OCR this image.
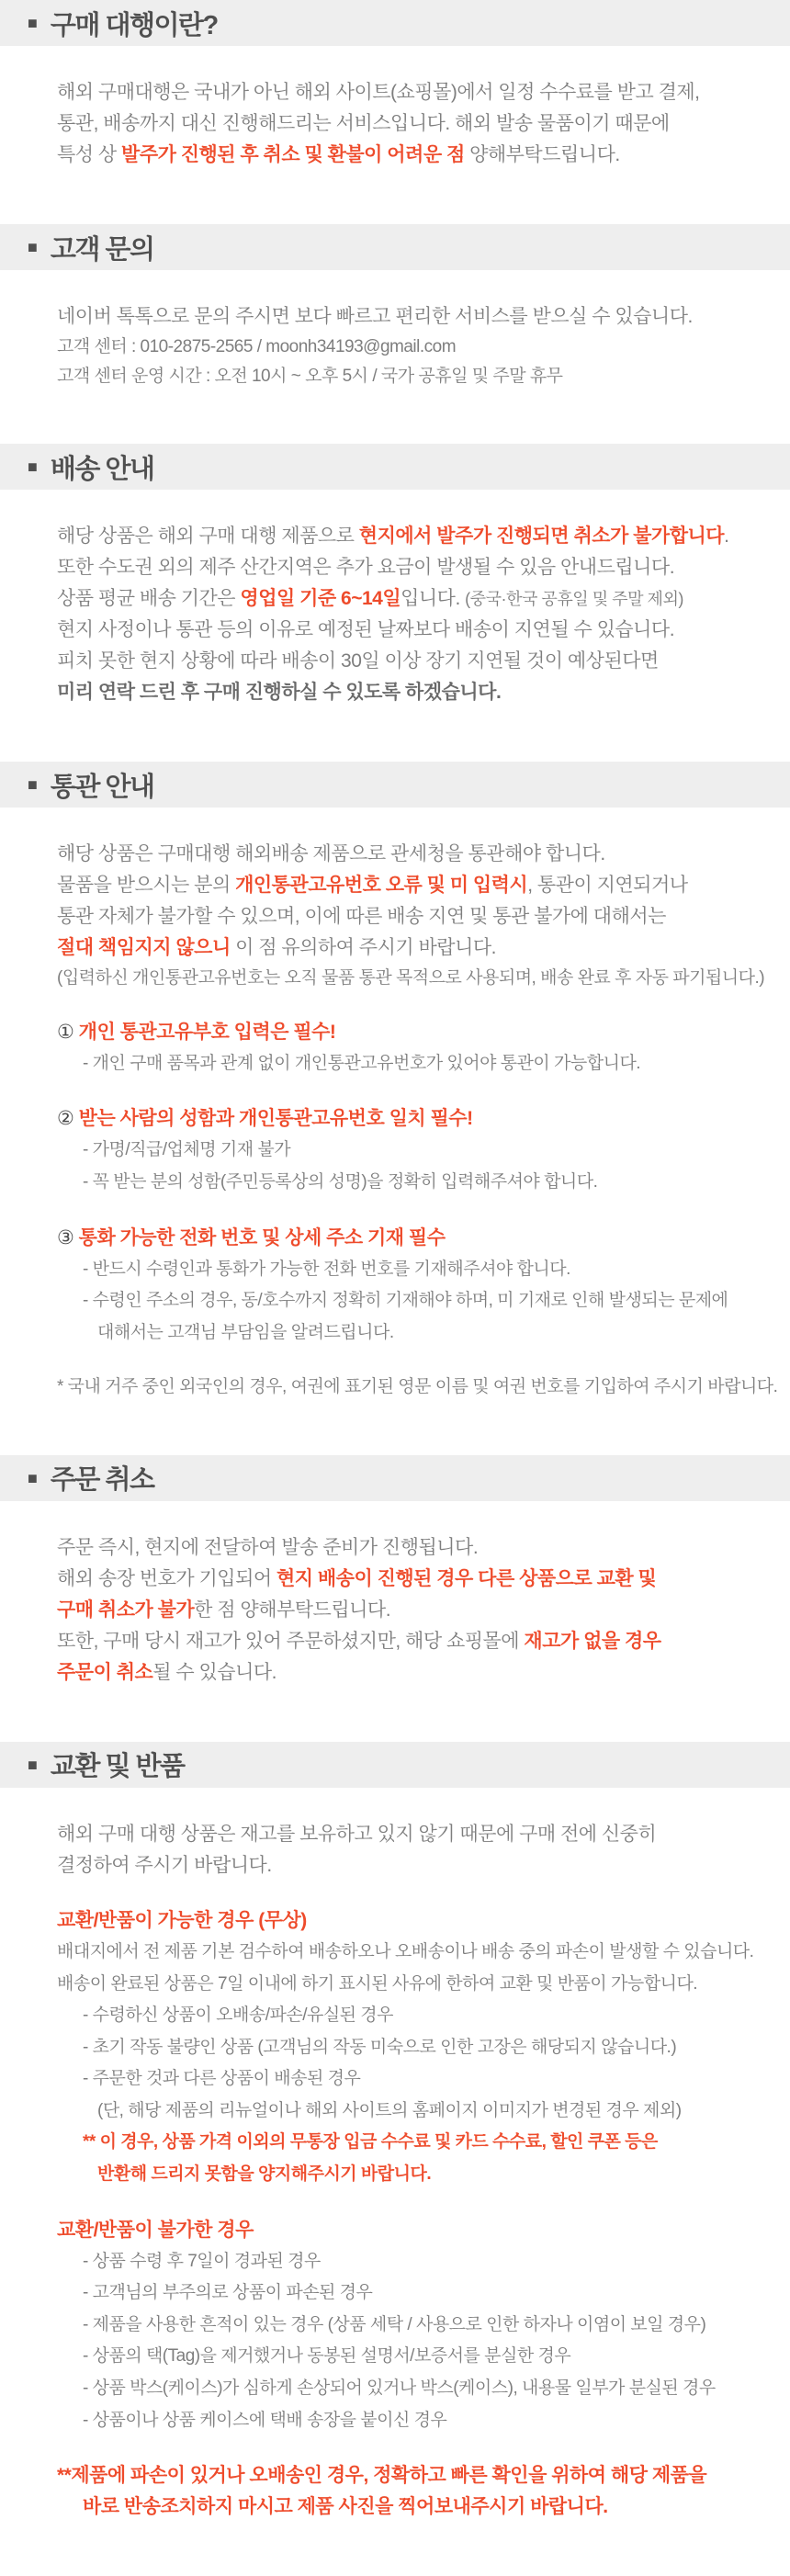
■ 구매 대행이란?

해외 구매대행은 국내가 아닌 해외 사이트(쇼핑몰)에서 일정 수수료를 받고 결제,

통관, 배송까지 대신 진행해드리는 서비스입니다. 해외 발송 물품이기 때문에

특성 상 발주가 진행된 후 취소 및 환불이 어려운 점 양해부탁드립니다.

■ 고객 문의

네이버 톡톡으로 문의 주시면 보다 빠르고 편리한 서비스를 받으실 수 있습니다.

고객 센터 : 010-2875-2565 / moonh34193@gmail.com

고객 센터 운영 시간 : 오전 10시 ~ 오후 5시 / 국가 공휴일 및 주말 휴무

■ 배송 안내

해당 상품은 해외 구매 대행 제품으로 현지에서 발주가 진행되면 취소가 불가합니다.

또한 수도권 외의 제주 산간지역은 추가 요금이 발생될 수 있음 안내드립니다.

상품 평균 배송 기간은 영업일 기준 6~14일입니다. (중국·한국 공휴일 및 주말 제외)

현지 사정이나 통관 등의 이유로 예정된 날짜보다 배송이 지연될 수 있습니다.

피치 못한 현지 상황에 따라 배송이 30일 이상 장기 지연될 것이 예상된다면

미리 연락 드린 후 구매 진행하실 수 있도록 하겠습니다.

■ 통관 안내

해당 상품은 구매대행 해외배송 제품으로 관세청을 통관해야 합니다.

물품을 받으시는 분의 개인통관고유번호 오류 및 미 입력시, 통관이 지연되거나

통관 자체가 불가할 수 있으며, 이에 따른 배송 지연 및 통관 불가에 대해서는

절대 책임지지 않으니 이 점 유의하여 주시기 바랍니다.

(입력하신 개인통관고유번호는 오직 물품 통관 목적으로 사용되며, 배송 완료 후 자동 파기됩니다.)

① 개인 통관고유부호 입력은 필수!

- 개인 구매 품목과 관계 없이 개인통관고유번호가 있어야 통관이 가능합니다.

② 받는 사람의 성함과 개인통관고유번호 일치 필수!

- 가명/직급/업체명 기재 불가

- 꼭 받는 분의 성함(주민등록상의 성명)을 정확히 입력해주셔야 합니다.

③ 통화 가능한 전화 번호 및 상세 주소 기재 필수

- 반드시 수령인과 통화가 가능한 전화 번호를 기재해주셔야 합니다.

- 수령인 주소의 경우, 동/호수까지 정확히 기재해야 하며, 미 기재로 인해 발생되는 문제에

대해서는 고객님 부담임을 알려드립니다.

* 국내 거주 중인 외국인의 경우, 여권에 표기된 영문 이름 및 여권 번호를 기입하여 주시기 바랍니다.

■ 주문 취소

주문 즉시, 현지에 전달하여 발송 준비가 진행됩니다.

해외 송장 번호가 기입되어 현지 배송이 진행된 경우 다른 상품으로 교환 및

구매 취소가 불가한 점 양해부탁드립니다.

또한, 구매 당시 재고가 있어 주문하셨지만, 해당 쇼핑몰에 재고가 없을 경우

주문이 취소될 수 있습니다.

■ 교환 및 반품

해외 구매 대행 상품은 재고를 보유하고 있지 않기 때문에 구매 전에 신중히

결정하여 주시기 바랍니다.

교환/반품이 가능한 경우 (무상)

배대지에서 전 제품 기본 검수하여 배송하오나 오배송이나 배송 중의 파손이 발생할 수 있습니다.

배송이 완료된 상품은 7일 이내에 하기 표시된 사유에 한하여 교환 및 반품이 가능합니다.

- 수령하신 상품이 오배송/파손/유실된 경우

- 초기 작동 불량인 상품 (고객님의 작동 미숙으로 인한 고장은 해당되지 않습니다.)

- 주문한 것과 다른 상품이 배송된 경우

(단, 해당 제품의 리뉴얼이나 해외 사이트의 홈페이지 이미지가 변경된 경우 제외)

** 이 경우, 상품 가격 이외의 무통장 입금 수수료 및 카드 수수료, 할인 쿠폰 등은

반환해 드리지 못함을 양지해주시기 바랍니다.

교환/반품이 불가한 경우

- 상품 수령 후 7일이 경과된 경우

- 고객님의 부주의로 상품이 파손된 경우

- 제품을 사용한 흔적이 있는 경우 (상품 세탁 / 사용으로 인한 하자나 이염이 보일 경우)

- 상품의 택(Tag)을 제거했거나 동봉된 설명서/보증서를 분실한 경우

- 상품 박스(케이스)가 심하게 손상되어 있거나 박스(케이스), 내용물 일부가 분실된 경우

- 상품이나 상품 케이스에 택배 송장을 붙이신 경우

**제품에 파손이 있거나 오배송인 경우, 정확하고 빠른 확인을 위하여 해당 제품을

바로 반송조치하지 마시고 제품 사진을 찍어보내주시기 바랍니다.
